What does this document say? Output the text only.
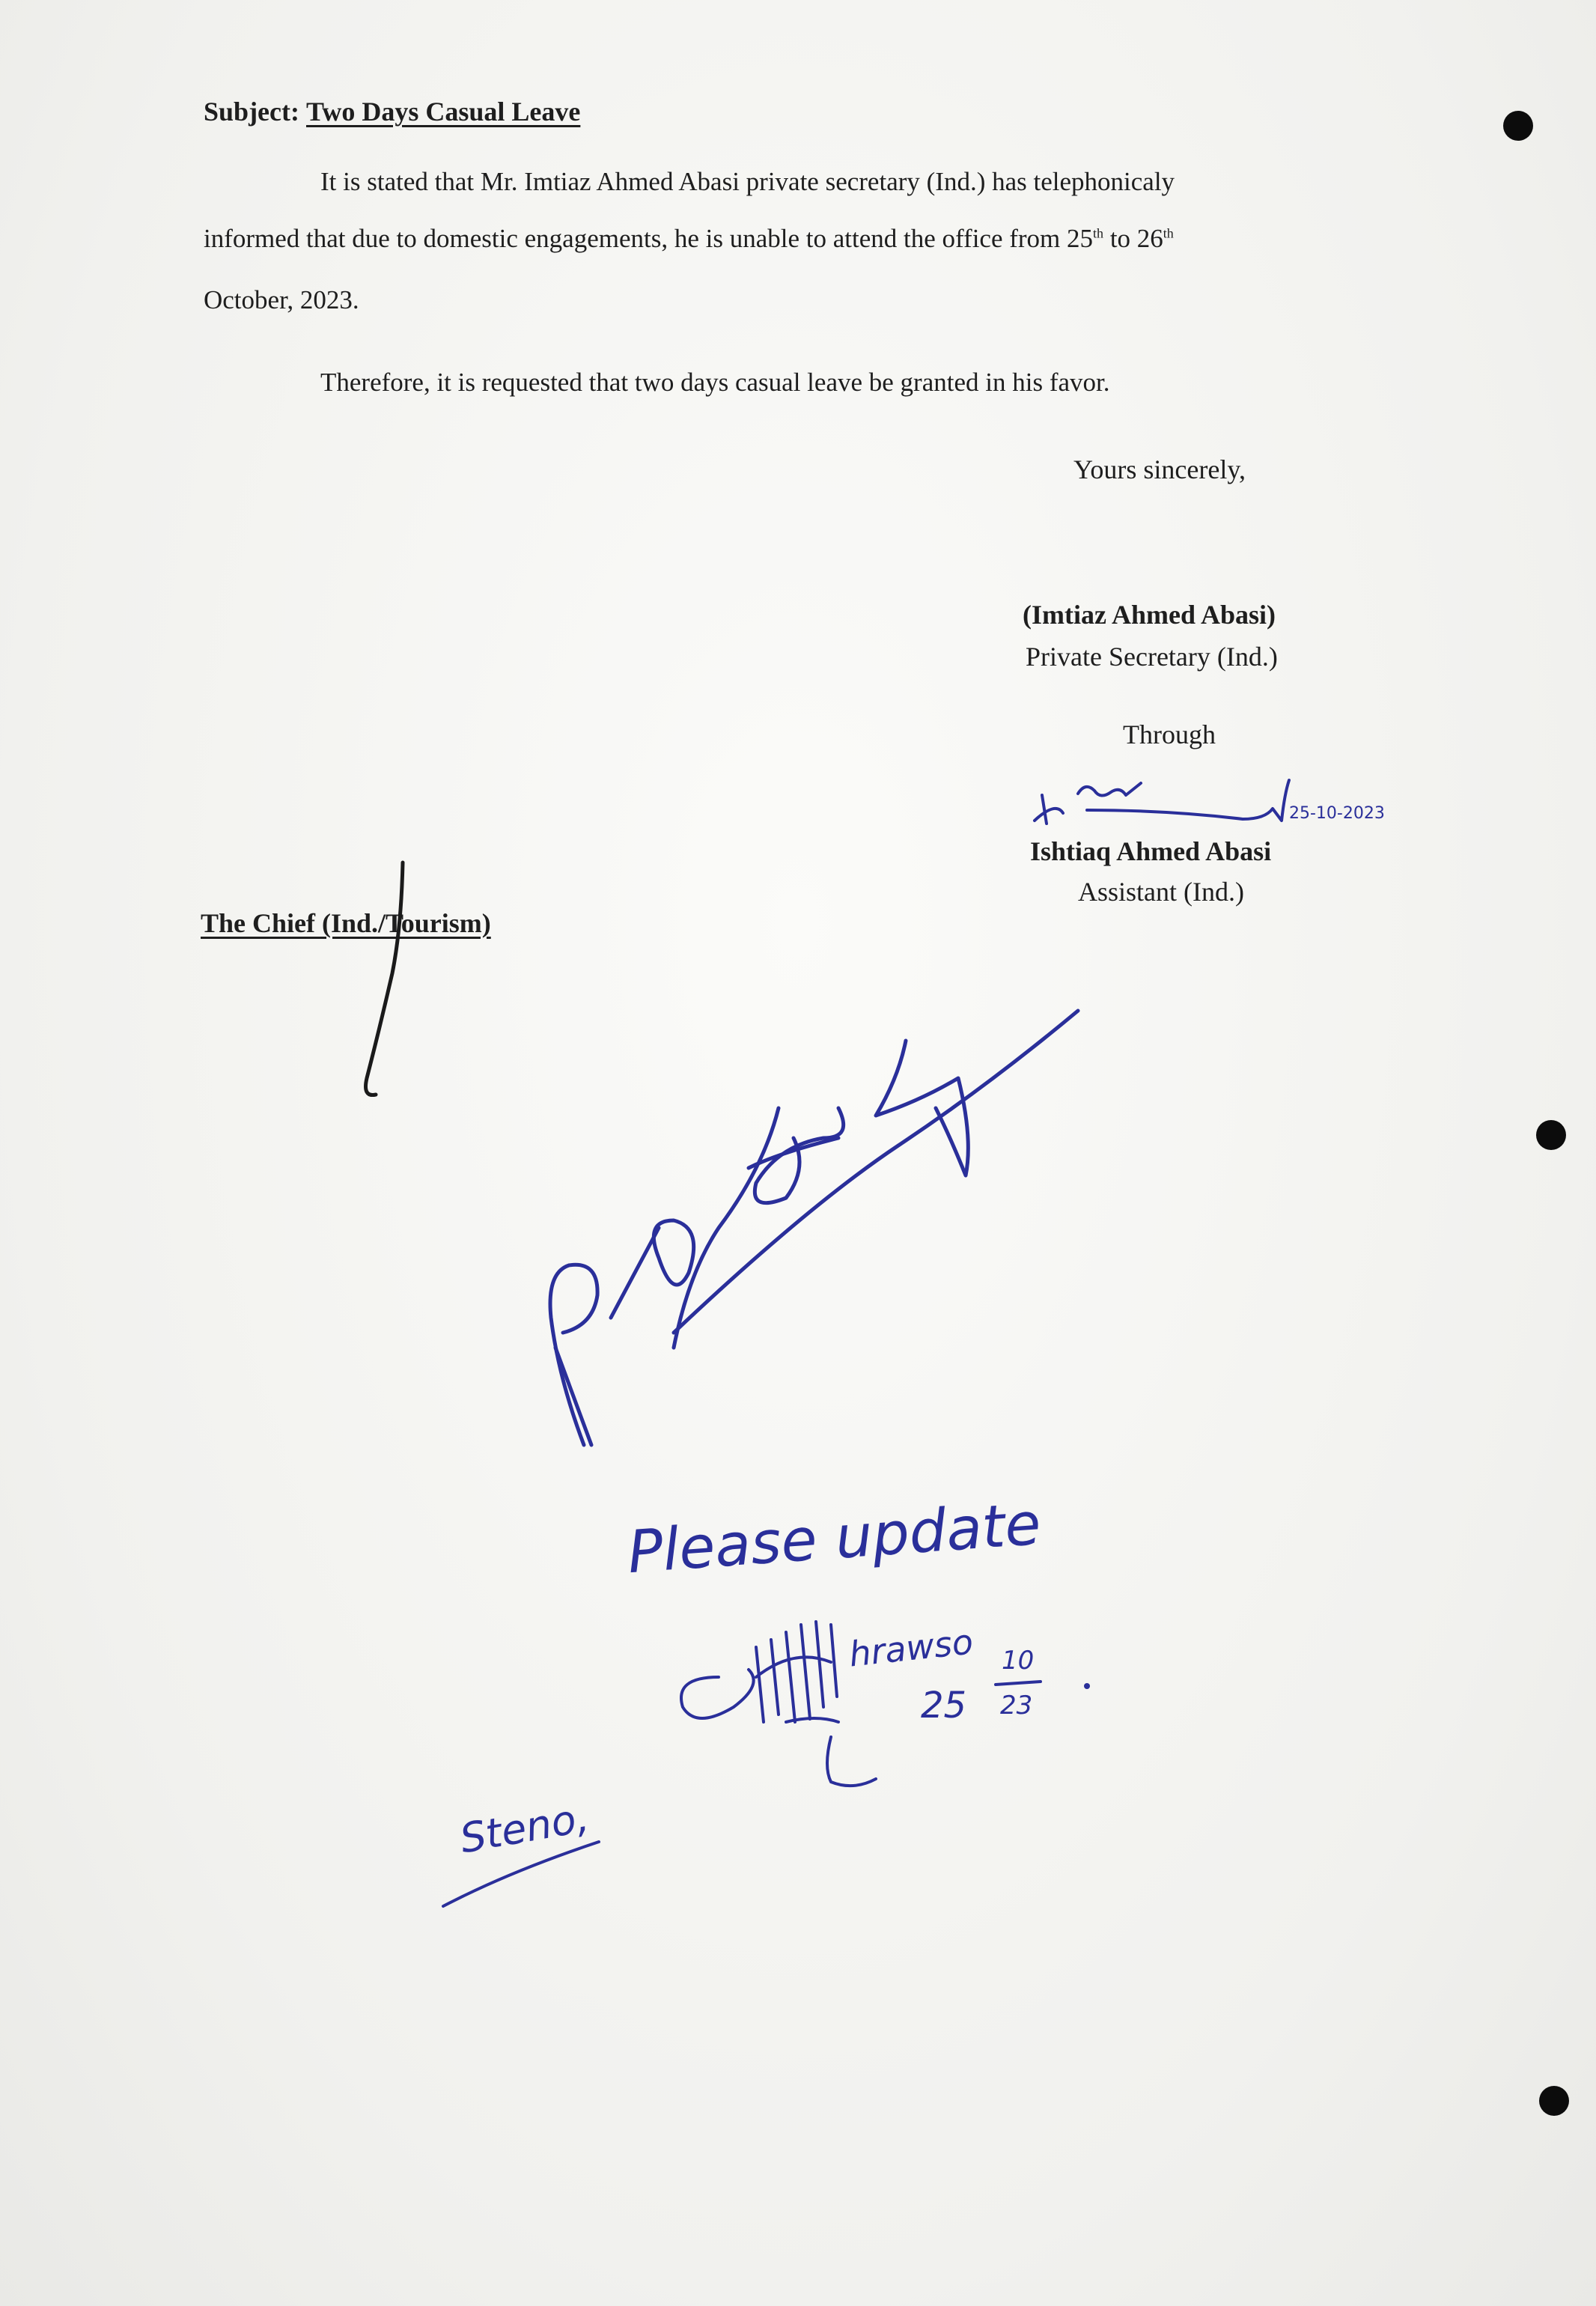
Subject: Two Days Casual Leave
It is stated that Mr. Imtiaz Ahmed Abasi private secretary (Ind.) has telephonicaly
informed that due to domestic engagements, he is unable to attend the office from 25th to 26th
October, 2023.
Therefore, it is requested that two days casual leave be granted in his favor.
Yours sincerely,
(Imtiaz Ahmed Abasi)
Private Secretary (Ind.)
Through
Ishtiaq Ahmed Abasi
Assistant (Ind.)
The Chief (Ind./Tourism)
25-10-2023
Please update
hrawso
25
10
23
Steno,
